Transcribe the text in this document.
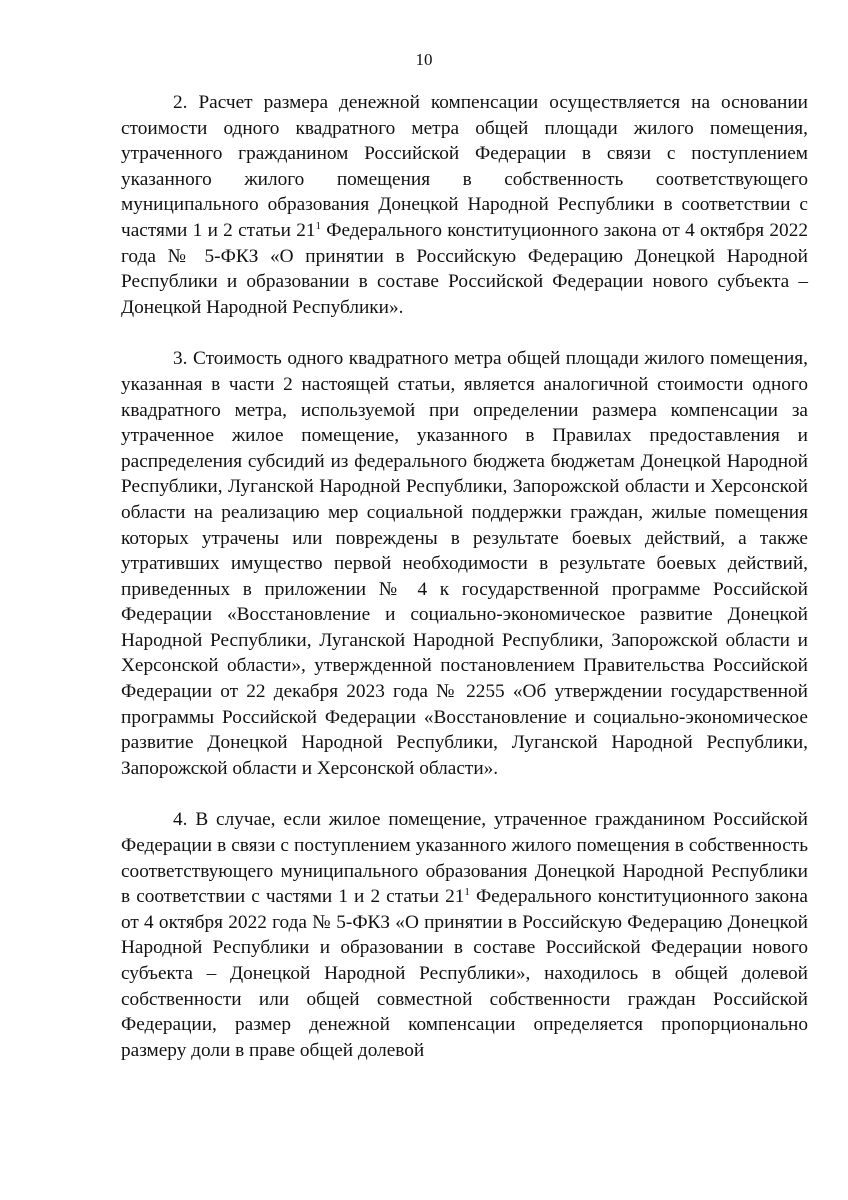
10

2. Расчет размера денежной компенсации осуществляется на основании стоимости одного квадратного метра общей площади жилого помещения, утраченного гражданином Российской Федерации в связи с поступлением указанного жилого помещения в собственность соответствующего муниципального образования Донецкой Народной Республики в соответствии с частями 1 и 2 статьи $21^1$ Федерального конституционного закона от 4 октября 2022 года № 5-ФКЗ «О принятии в Российскую Федерацию Донецкой Народной Республики и образовании в составе Российской Федерации нового субъекта – Донецкой Народной Республики».

3. Стоимость одного квадратного метра общей площади жилого помещения, указанная в части 2 настоящей статьи, является аналогичной стоимости одного квадратного метра, используемой при определении размера компенсации за утраченное жилое помещение, указанного в Правилах предоставления и распределения субсидий из федерального бюджета бюджетам Донецкой Народной Республики, Луганской Народной Республики, Запорожской области и Херсонской области на реализацию мер социальной поддержки граждан, жилые помещения которых утрачены или повреждены в результате боевых действий, а также утративших имущество первой необходимости в результате боевых действий, приведенных в приложении № 4 к государственной программе Российской Федерации «Восстановление и социально-экономическое развитие Донецкой Народной Республики, Луганской Народной Республики, Запорожской области и Херсонской области», утвержденной постановлением Правительства Российской Федерации от 22 декабря 2023 года № 2255 «Об утверждении государственной программы Российской Федерации «Восстановление и социально-экономическое развитие Донецкой Народной Республики, Луганской Народной Республики, Запорожской области и Херсонской области».

4. В случае, если жилое помещение, утраченное гражданином Российской Федерации в связи с поступлением указанного жилого помещения в собственность соответствующего муниципального образования Донецкой Народной Республики в соответствии с частями 1 и 2 статьи $21^1$ Федерального конституционного закона от 4 октября 2022 года № 5-ФКЗ «О принятии в Российскую Федерацию Донецкой Народной Республики и образовании в составе Российской Федерации нового субъекта – Донецкой Народной Республики», находилось в общей долевой собственности или общей совместной собственности граждан Российской Федерации, размер денежной компенсации определяется пропорционально размеру доли в праве общей долевой
